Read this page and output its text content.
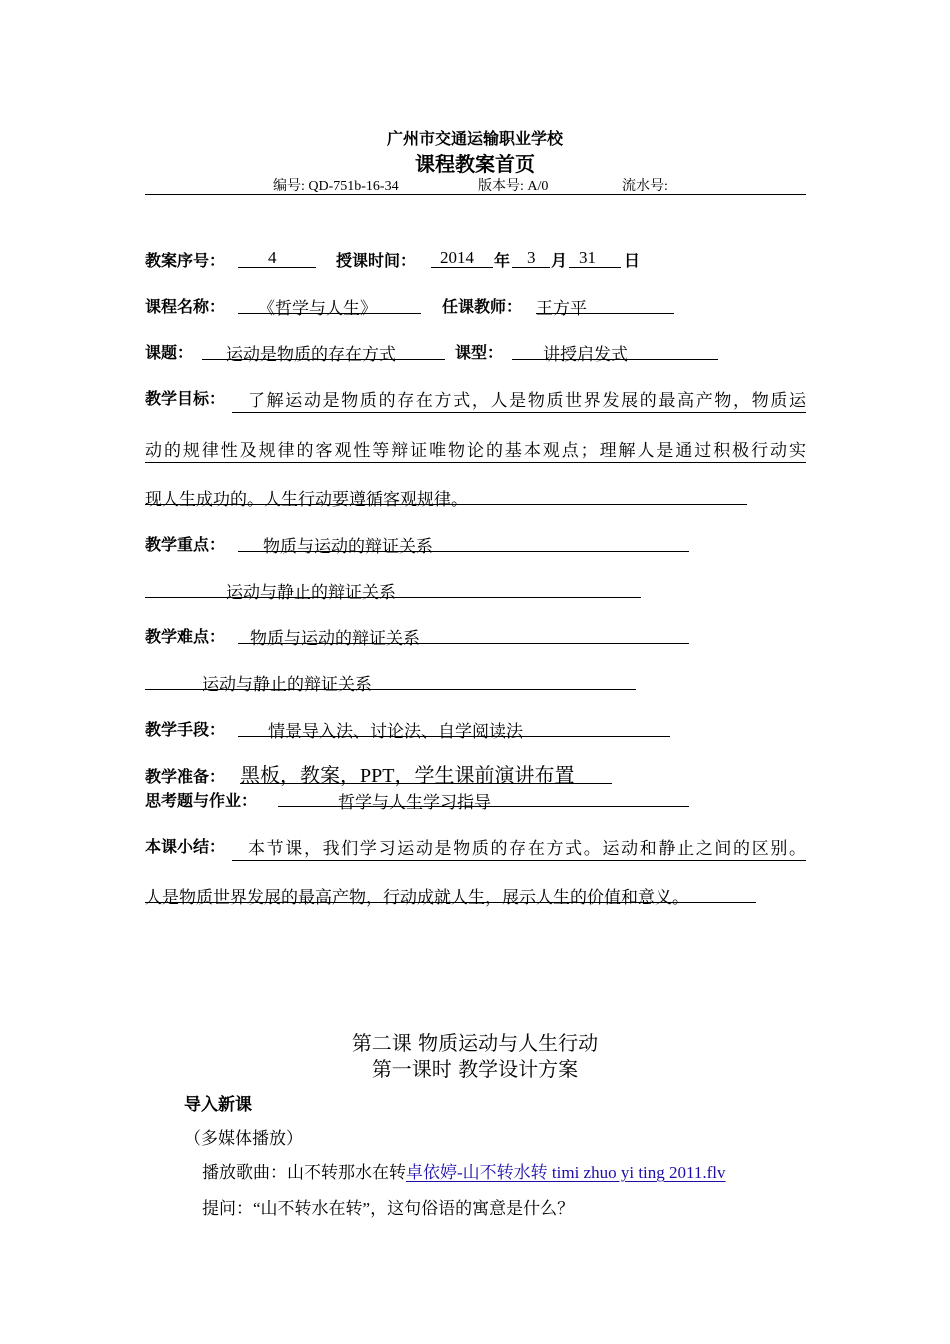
广州市交通运输职业学校
课程教案首页
编号: QD-751b-16-34	版本号: A/0	流水号:
教案序号：	4	授课时间： 2014 年 3 月 31 日
课程名称： 《哲学与人生》	任课教师： 王方平
课题： 运动是物质的存在方式	课型： 讲授启发式
教学目标：	了解运动是物质的存在方式，人是物质世界发展的最高产物，物质运
动的规律性及规律的客观性等辩证唯物论的基本观点；理解人是通过积极行动实
现人生成功的。人生行动要遵循客观规律。
教学重点： 物质与运动的辩证关系
运动与静止的辩证关系
教学难点： 物质与运动的辩证关系
运动与静止的辩证关系
教学手段：	情景导入法、讨论法、自学阅读法
教学准备： 黑板，教案，PPT，学生课前演讲布置
思考题与作业：	哲学与人生学习指导
本课小结：	本节课，我们学习运动是物质的存在方式。运动和静止之间的区别。
人是物质世界发展的最高产物，行动成就人生，展示人生的价值和意义。
第二课 物质运动与人生行动
第一课时 教学设计方案
导入新课
（多媒体播放）
播放歌曲：山不转那水在转卓依婷-山不转水转 timi zhuo yi ting 2011.flv
提问：“山不转水在转”，这句俗语的寓意是什么？
